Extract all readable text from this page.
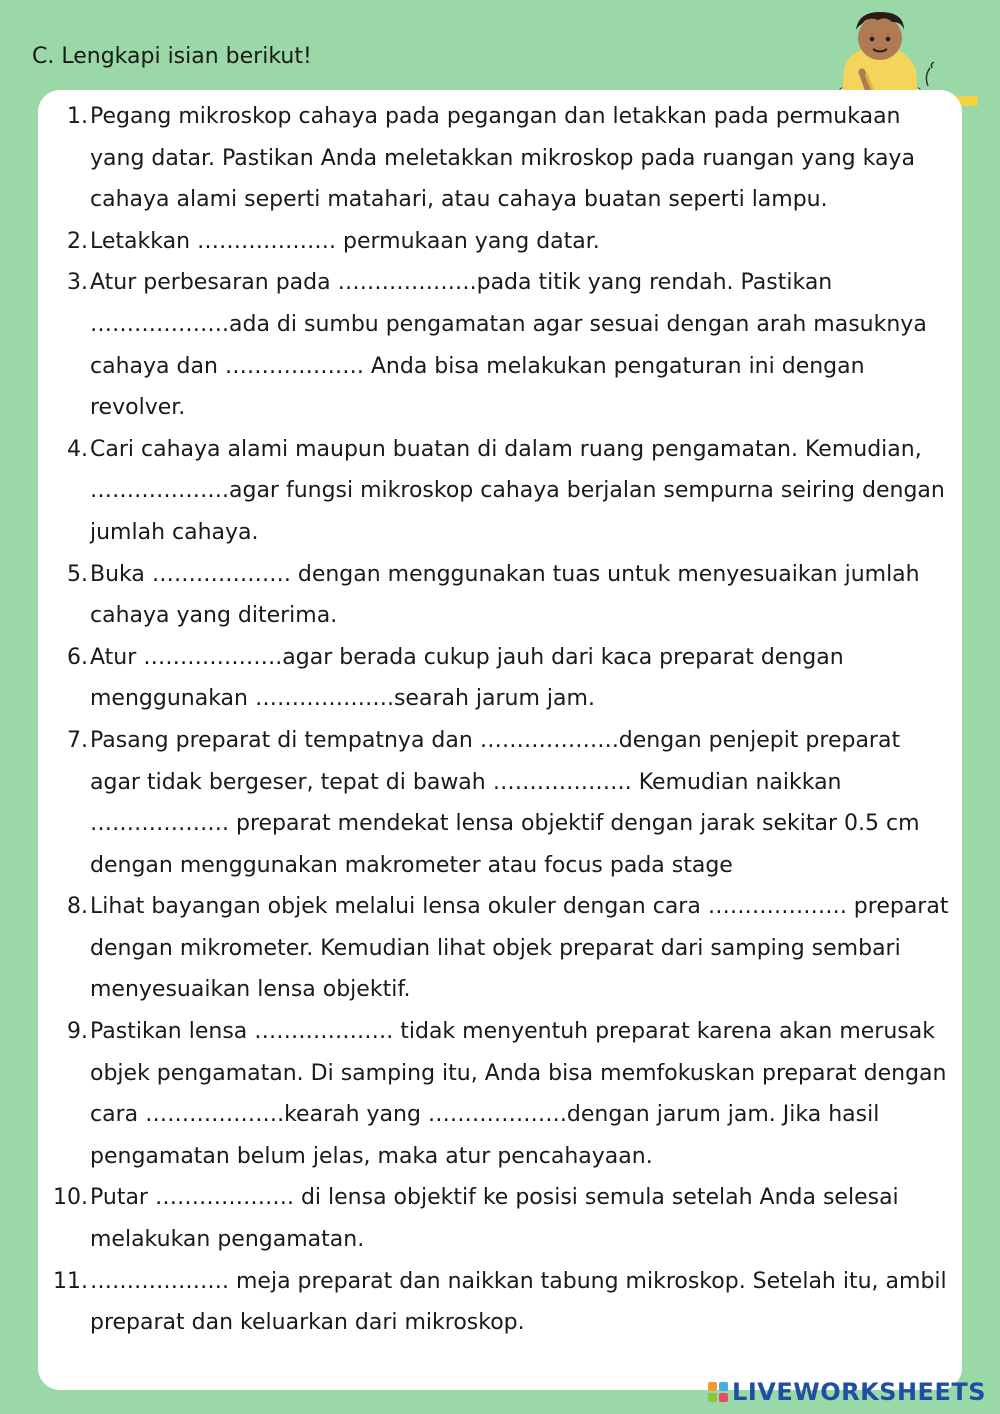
C. Lengkapi isian berikut!
1. Pegang mikroskop cahaya pada pegangan dan letakkan pada permukaan yang datar. Pastikan Anda meletakkan mikroskop pada ruangan yang kaya cahaya alami seperti matahari, atau cahaya buatan seperti lampu.
2. Letakkan ………………. permukaan yang datar.
3. Atur perbesaran pada ……………….pada titik yang rendah. Pastikan ……………….ada di sumbu pengamatan agar sesuai dengan arah masuknya cahaya dan ………………. Anda bisa melakukan pengaturan ini dengan revolver.
4. Cari cahaya alami maupun buatan di dalam ruang pengamatan. Kemudian, ……………….agar fungsi mikroskop cahaya berjalan sempurna seiring dengan jumlah cahaya.
5. Buka ………………. dengan menggunakan tuas untuk menyesuaikan jumlah cahaya yang diterima.
6. Atur ……………….agar berada cukup jauh dari kaca preparat dengan menggunakan ……………….searah jarum jam.
7. Pasang preparat di tempatnya dan ……………….dengan penjepit preparat agar tidak bergeser, tepat di bawah ………………. Kemudian naikkan ………………. preparat mendekat lensa objektif dengan jarak sekitar 0.5 cm dengan menggunakan makrometer atau focus pada stage
8. Lihat bayangan objek melalui lensa okuler dengan cara ………………. preparat dengan mikrometer. Kemudian lihat objek preparat dari samping sembari menyesuaikan lensa objektif.
9. Pastikan lensa ………………. tidak menyentuh preparat karena akan merusak objek pengamatan. Di samping itu, Anda bisa memfokuskan preparat dengan cara ……………….kearah yang ……………….dengan jarum jam. Jika hasil pengamatan belum jelas, maka atur pencahayaan.
10. Putar ………………. di lensa objektif ke posisi semula setelah Anda selesai melakukan pengamatan.
11. ………………. meja preparat dan naikkan tabung mikroskop. Setelah itu, ambil preparat dan keluarkan dari mikroskop.
LIVEWORKSHEETS
